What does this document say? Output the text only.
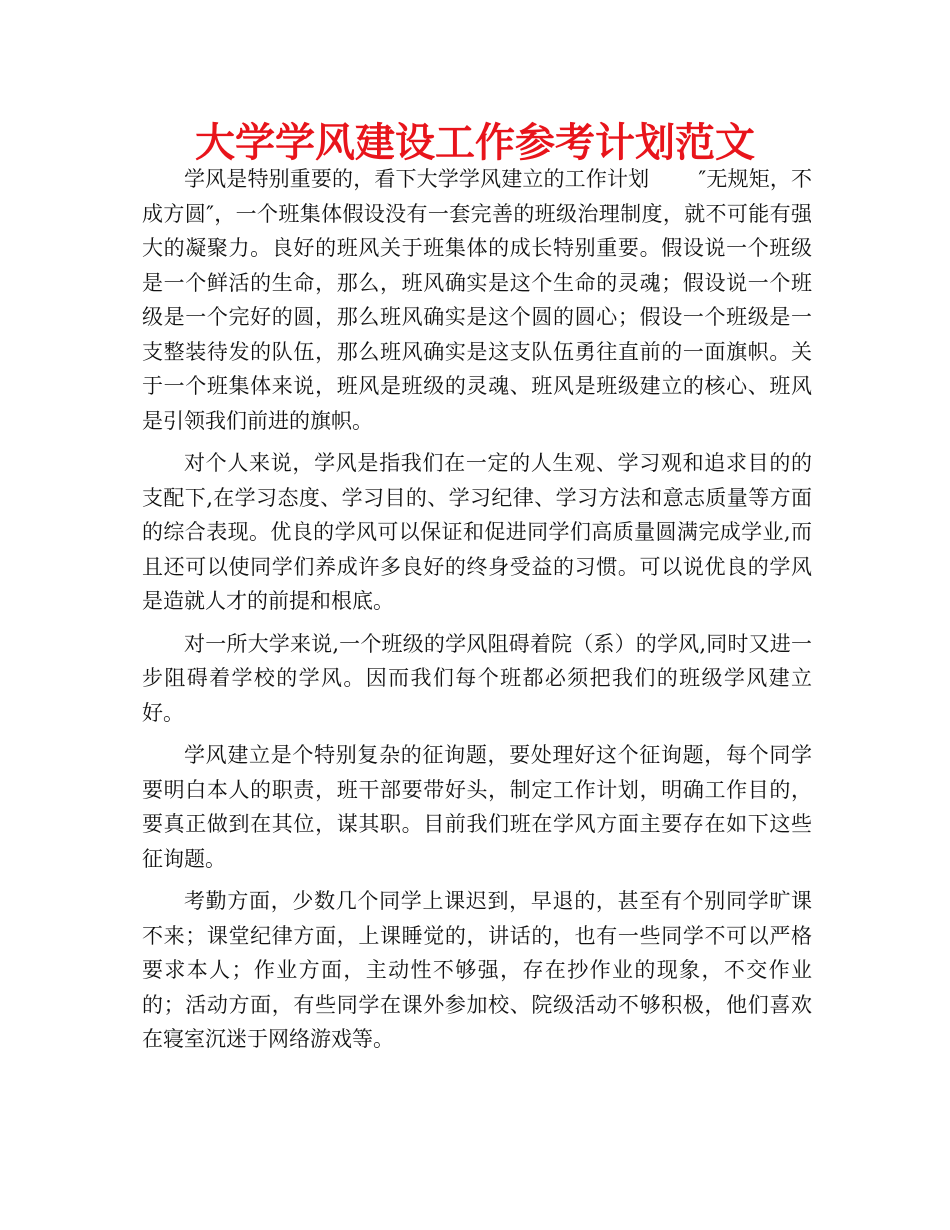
大学学风建设工作参考计划范文

学风是特别重要的，看下大学学风建立的工作计划　　 ″无规矩，不成方圆″，一个班集体假设没有一套完善的班级治理制度，就不可能有强大的凝聚力。良好的班风关于班集体的成长特别重要。假设说一个班级是一个鲜活的生命，那么，班风确实是这个生命的灵魂；假设说一个班级是一个完好的圆，那么班风确实是这个圆的圆心；假设一个班级是一支整装待发的队伍，那么班风确实是这支队伍勇往直前的一面旗帜。关于一个班集体来说，班风是班级的灵魂、班风是班级建立的核心、班风是引领我们前进的旗帜。

对个人来说，学风是指我们在一定的人生观、学习观和追求目的的支配下,在学习态度、学习目的、学习纪律、学习方法和意志质量等方面的综合表现。优良的学风可以保证和促进同学们高质量圆满完成学业,而且还可以使同学们养成许多良好的终身受益的习惯。可以说优良的学风是造就人才的前提和根底。

对一所大学来说,一个班级的学风阻碍着院（系）的学风,同时又进一步阻碍着学校的学风。因而我们每个班都必须把我们的班级学风建立好。

学风建立是个特别复杂的征询题，要处理好这个征询题，每个同学要明白本人的职责，班干部要带好头，制定工作计划，明确工作目的，要真正做到在其位，谋其职。目前我们班在学风方面主要存在如下这些征询题。

考勤方面，少数几个同学上课迟到，早退的，甚至有个别同学旷课不来；课堂纪律方面，上课睡觉的，讲话的，也有一些同学不可以严格要求本人；作业方面，主动性不够强，存在抄作业的现象，不交作业的；活动方面，有些同学在课外参加校、院级活动不够积极，他们喜欢在寝室沉迷于网络游戏等。
